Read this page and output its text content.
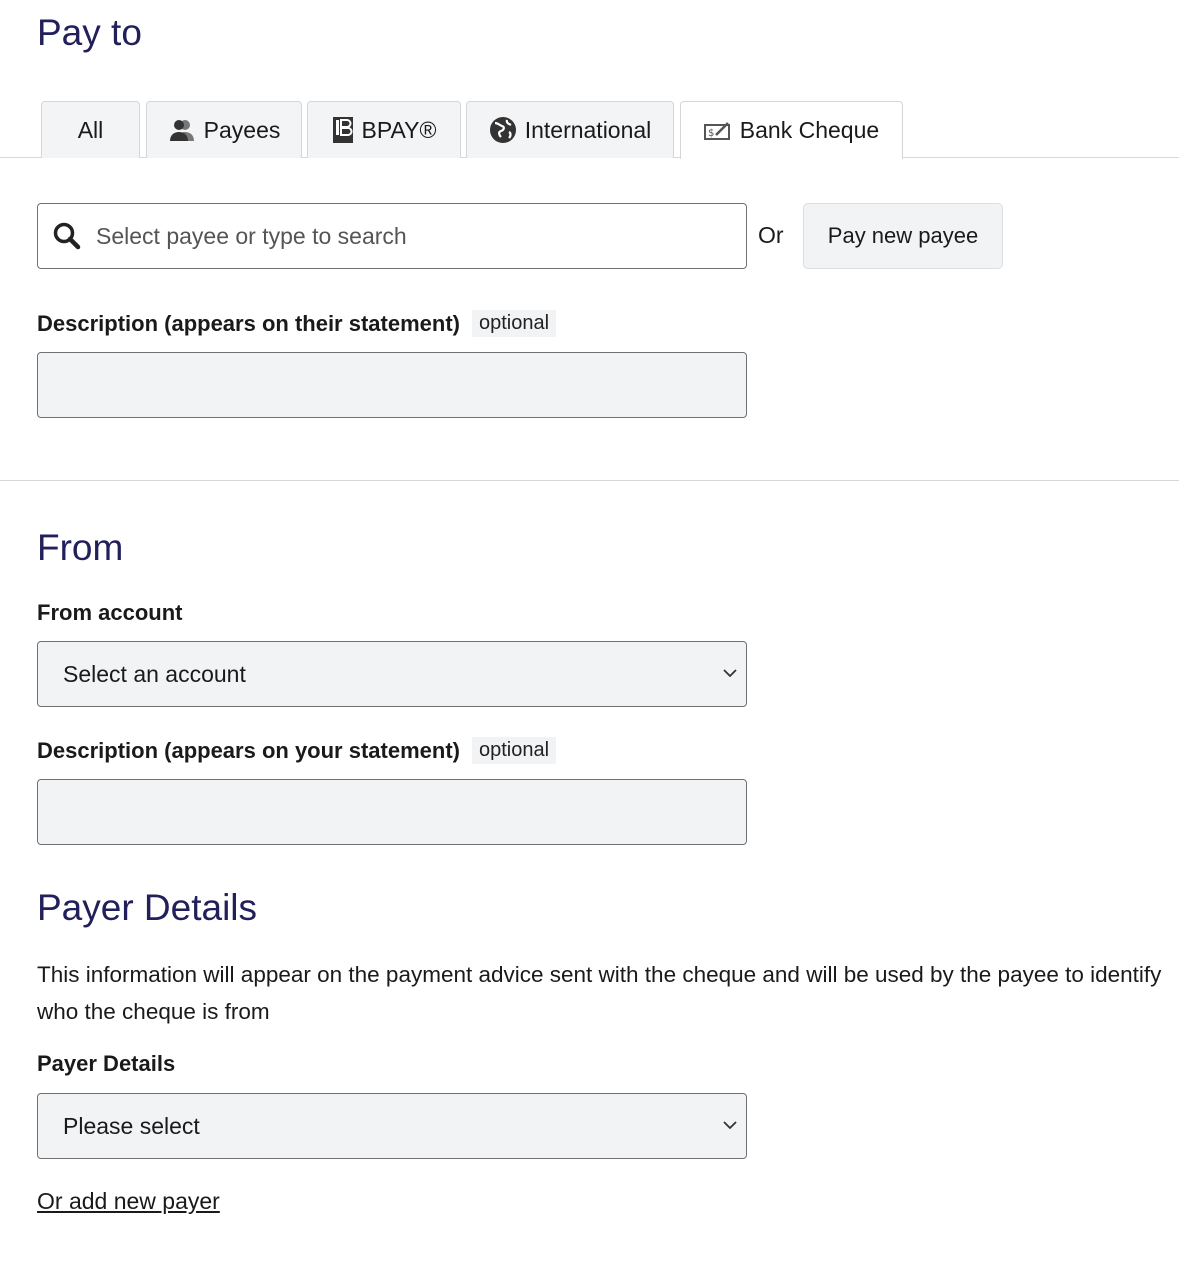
Pay to
All	Payees	BPAY®	International	$ Bank Cheque
Select payee or type to search	Or	Pay new payee
Description (appears on their statement) optional
From
From account
Select an account
Description (appears on your statement) optional
Payer Details

This information will appear on the payment advice sent with the cheque and will be used by the payee to identify who the cheque is from

Payer Details
Please select
Or add new payer
